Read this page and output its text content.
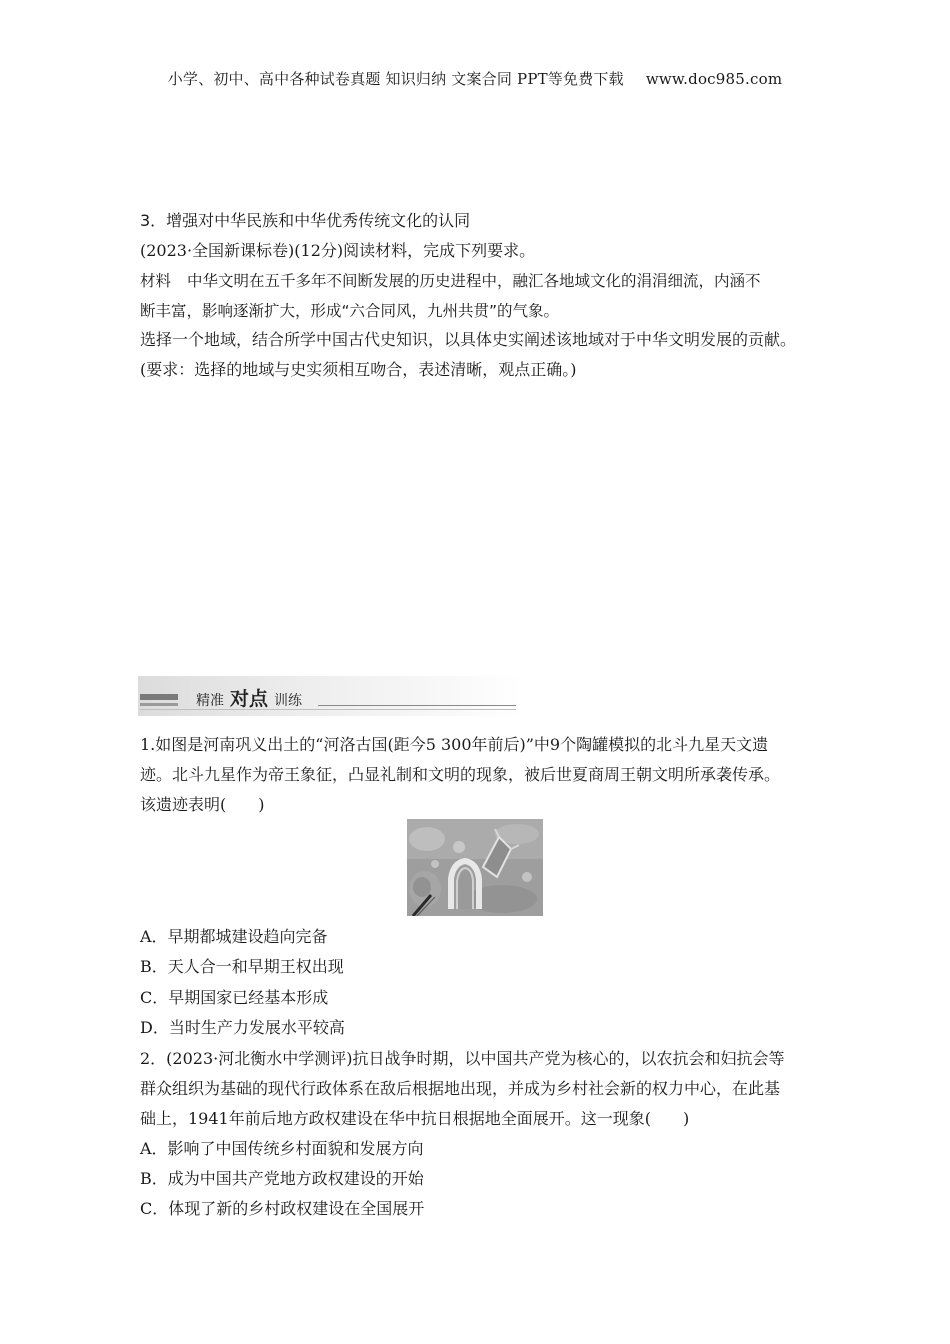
小学、初中、高中各种试卷真题 知识归纳 文案合同 PPT等免费下载 www.doc985.com
3．增强对中华民族和中华优秀传统文化的认同
(2023·全国新课标卷)(12分)阅读材料，完成下列要求。
材料 中华文明在五千多年不间断发展的历史进程中，融汇各地域文化的涓涓细流，内涵不
断丰富，影响逐渐扩大，形成“六合同风，九州共贯”的气象。
选择一个地域，结合所学中国古代史知识，以具体史实阐述该地域对于中华文明发展的贡献。
(要求：选择的地域与史实须相互吻合，表述清晰，观点正确。)
精准 对点 训练
1.如图是河南巩义出土的“河洛古国(距今5 300年前后)”中9个陶罐模拟的北斗九星天文遗
迹。北斗九星作为帝王象征，凸显礼制和文明的现象，被后世夏商周王朝文明所承袭传承。
该遗迹表明(　　)
A．早期都城建设趋向完备
B．天人合一和早期王权出现
C．早期国家已经基本形成
D．当时生产力发展水平较高
2．(2023·河北衡水中学测评)抗日战争时期，以中国共产党为核心的，以农抗会和妇抗会等
群众组织为基础的现代行政体系在敌后根据地出现，并成为乡村社会新的权力中心，在此基
础上，1941年前后地方政权建设在华中抗日根据地全面展开。这一现象(　　)
A．影响了中国传统乡村面貌和发展方向
B．成为中国共产党地方政权建设的开始
C．体现了新的乡村政权建设在全国展开
